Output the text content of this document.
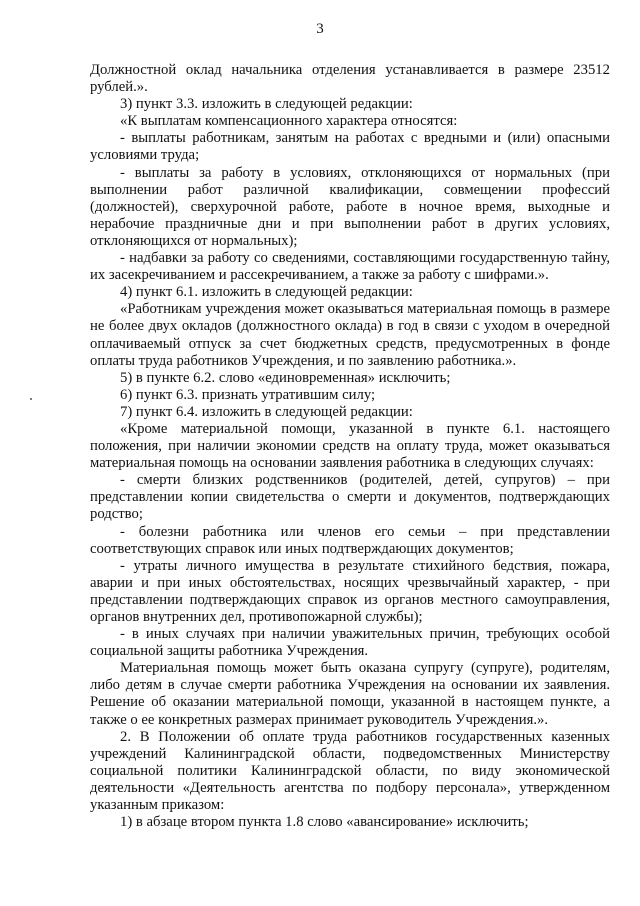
3

Должностной оклад начальника отделения устанавливается в размере 23512 рублей.».

3) пункт 3.3. изложить в следующей редакции:

«К выплатам компенсационного характера относятся:

- выплаты работникам, занятым на работах с вредными и (или) опасными условиями труда;

- выплаты за работу в условиях, отклоняющихся от нормальных (при выполнении работ различной квалификации, совмещении профессий (должностей), сверхурочной работе, работе в ночное время, выходные и нерабочие праздничные дни и при выполнении работ в других условиях, отклоняющихся от нормальных);

- надбавки за работу со сведениями, составляющими государственную тайну, их засекречиванием и рассекречиванием, а также за работу с шифрами.».

4) пункт 6.1. изложить в следующей редакции:

«Работникам учреждения может оказываться материальная помощь в размере не более двух окладов (должностного оклада) в год в связи с уходом в очередной оплачиваемый отпуск за счет бюджетных средств, предусмотренных в фонде оплаты труда работников Учреждения, и по заявлению работника.».

5) в пункте 6.2. слово «единовременная» исключить;

6) пункт 6.3. признать утратившим силу;

7) пункт 6.4. изложить в следующей редакции:

«Кроме материальной помощи, указанной в пункте 6.1. настоящего положения, при наличии экономии средств на оплату труда, может оказываться материальная помощь на основании заявления работника в следующих случаях:

- смерти близких родственников (родителей, детей, супругов) – при представлении копии свидетельства о смерти и документов, подтверждающих родство;

- болезни работника или членов его семьи – при представлении соответствующих справок или иных подтверждающих документов;

- утраты личного имущества в результате стихийного бедствия, пожара, аварии и при иных обстоятельствах, носящих чрезвычайный характер, - при представлении подтверждающих справок из органов местного самоуправления, органов внутренних дел, противопожарной службы);

- в иных случаях при наличии уважительных причин, требующих особой социальной защиты работника Учреждения.

Материальная помощь может быть оказана супругу (супруге), родителям, либо детям в случае смерти работника Учреждения на основании их заявления. Решение об оказании материальной помощи, указанной в настоящем пункте, а также о ее конкретных размерах принимает руководитель Учреждения.».

2. В Положении об оплате труда работников государственных казенных учреждений Калининградской области, подведомственных Министерству социальной политики Калининградской области, по виду экономической деятельности «Деятельность агентства по подбору персонала», утвержденном указанным приказом:

1) в абзаце втором пункта 1.8 слово «авансирование» исключить;
